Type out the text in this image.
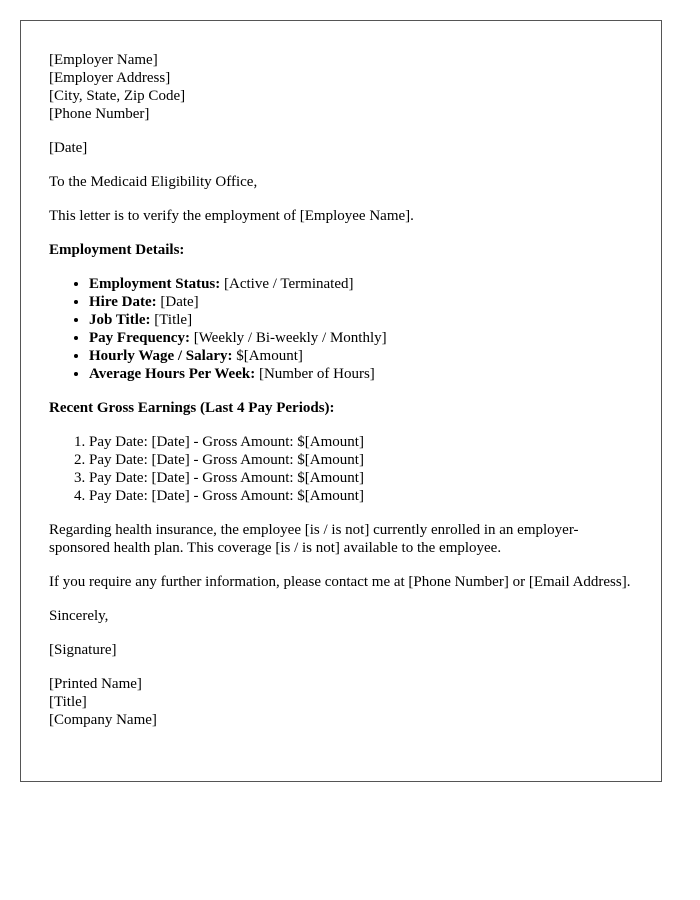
[Employer Name]
[Employer Address]
[City, State, Zip Code]
[Phone Number]
[Date]
To the Medicaid Eligibility Office,
This letter is to verify the employment of [Employee Name].
Employment Details:
• Employment Status: [Active / Terminated]
• Hire Date: [Date]
• Job Title: [Title]
• Pay Frequency: [Weekly / Bi-weekly / Monthly]
• Hourly Wage / Salary: $[Amount]
• Average Hours Per Week: [Number of Hours]
Recent Gross Earnings (Last 4 Pay Periods):
1. Pay Date: [Date] - Gross Amount: $[Amount]
2. Pay Date: [Date] - Gross Amount: $[Amount]
3. Pay Date: [Date] - Gross Amount: $[Amount]
4. Pay Date: [Date] - Gross Amount: $[Amount]
Regarding health insurance, the employee [is / is not] currently enrolled in an employer-sponsored health plan. This coverage [is / is not] available to the employee.
If you require any further information, please contact me at [Phone Number] or [Email Address].
Sincerely,
[Signature]
[Printed Name]
[Title]
[Company Name]
